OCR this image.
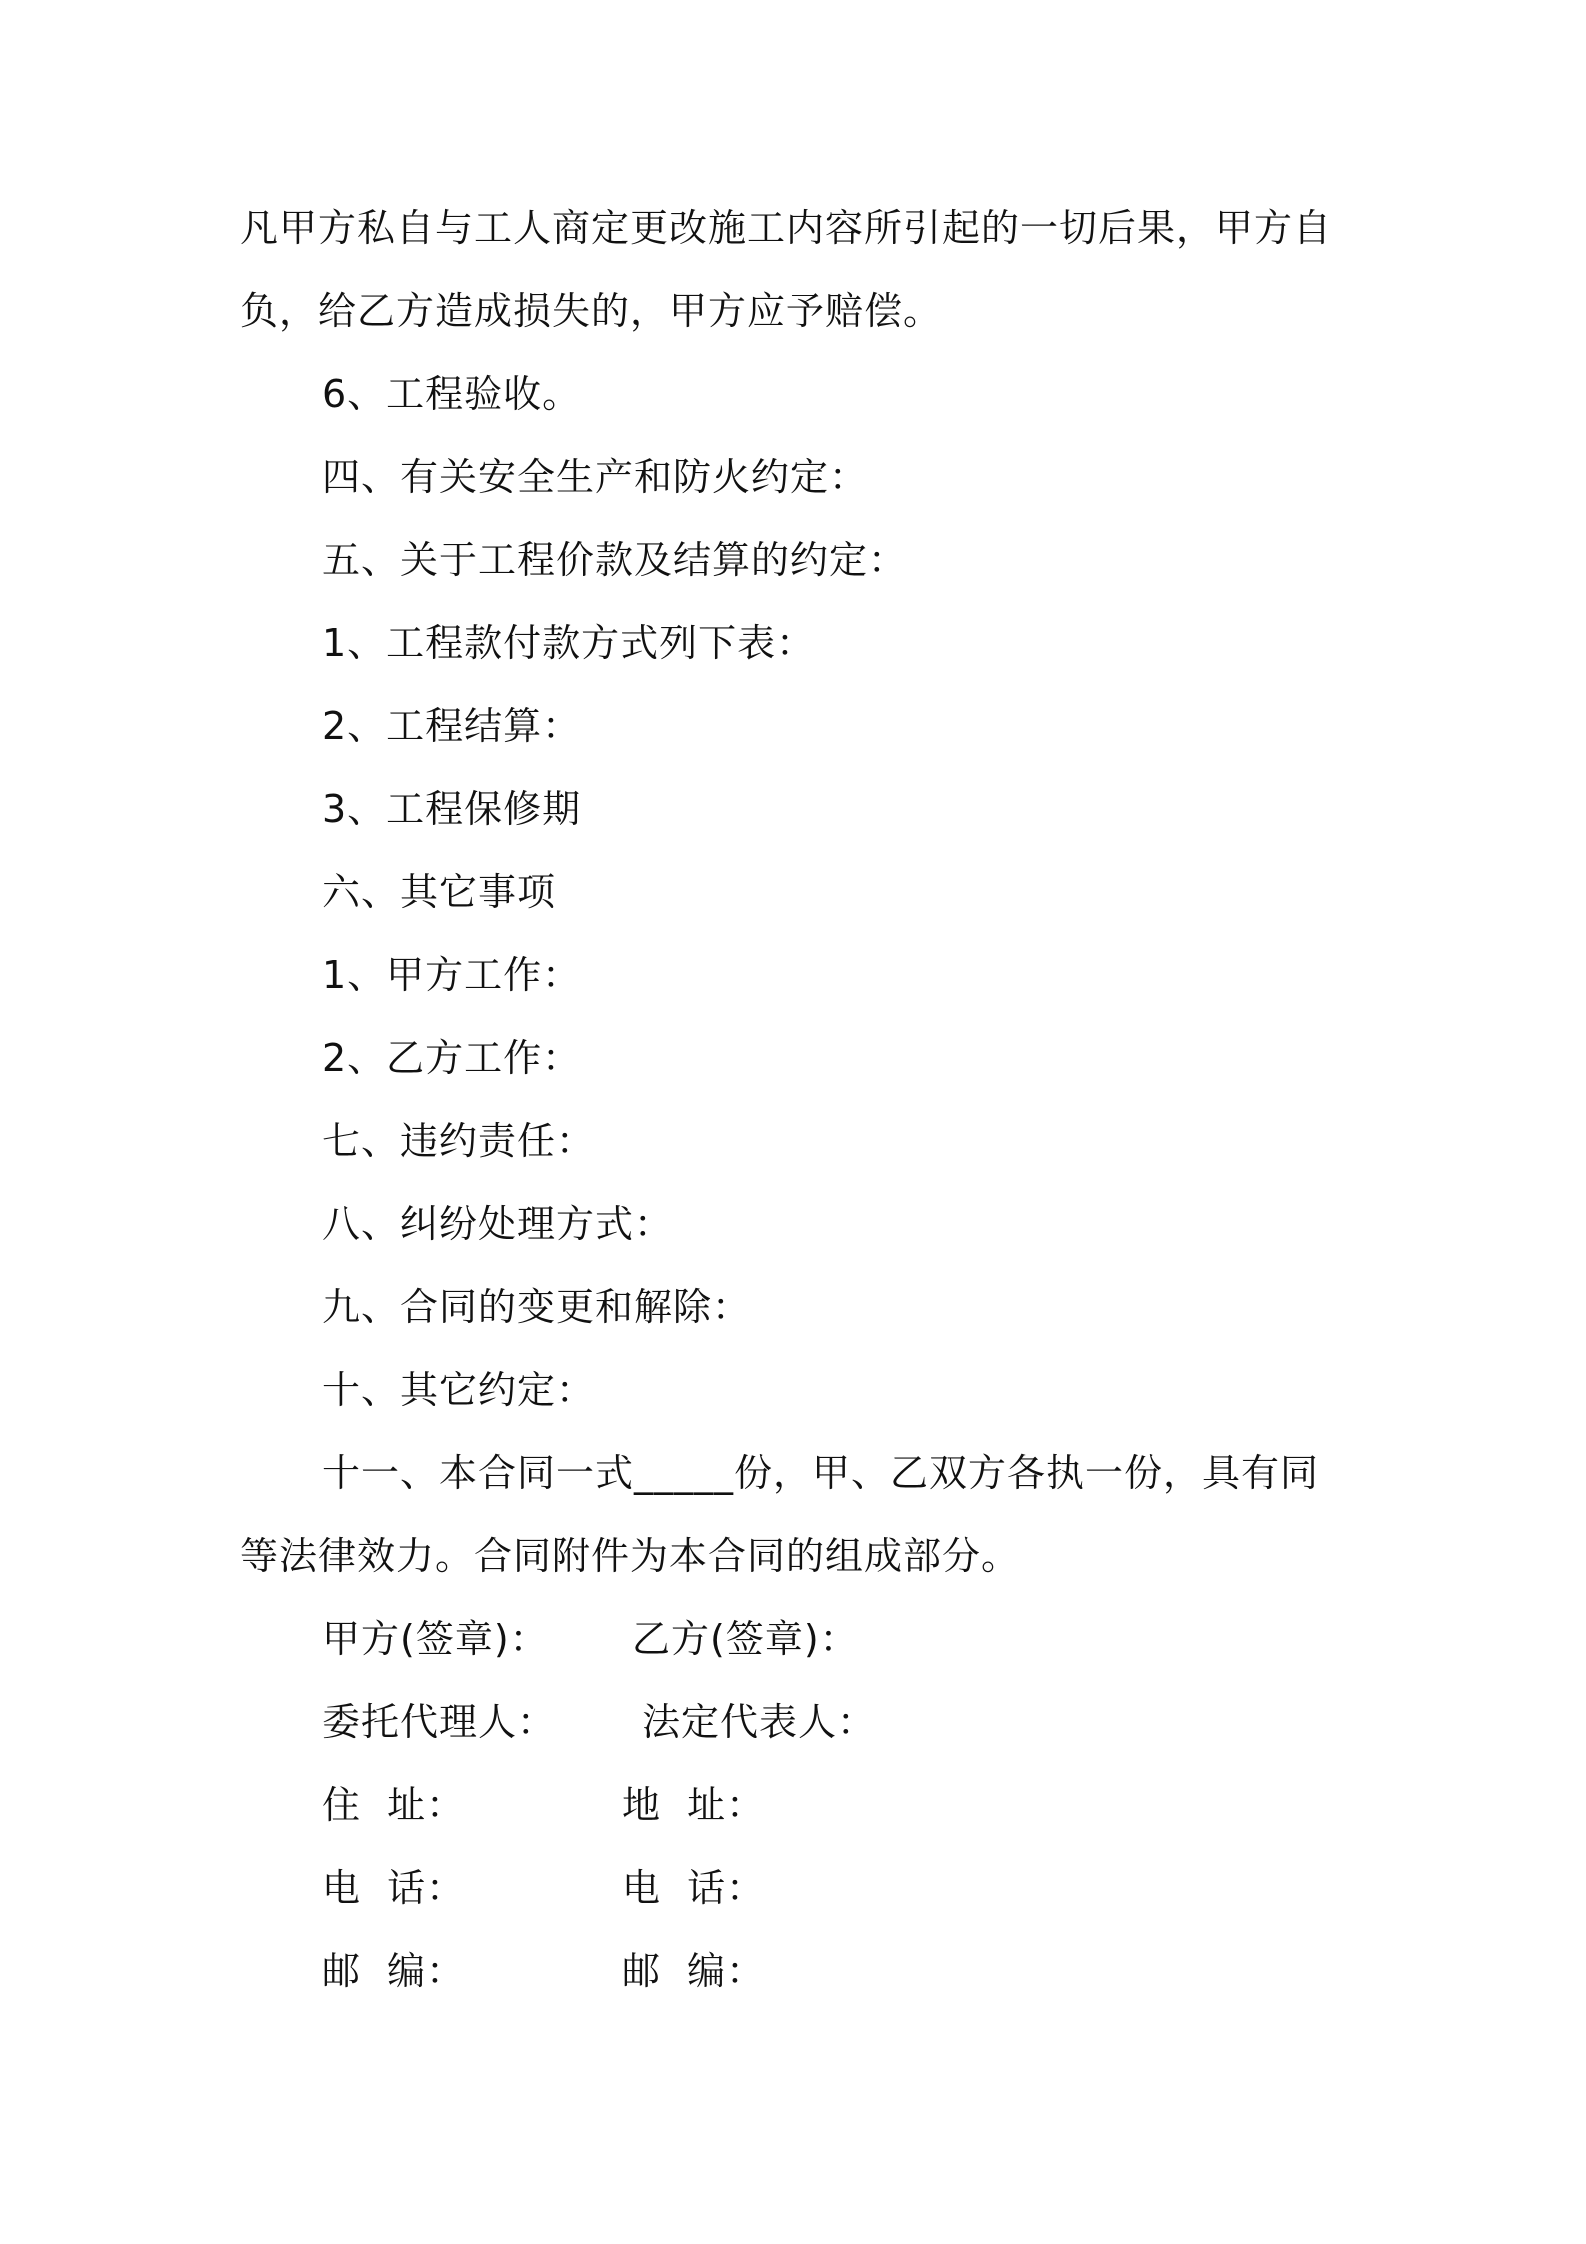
凡甲方私自与工人商定更改施工内容所引起的一切后果，甲方自
负，给乙方造成损失的，甲方应予赔偿。
6、工程验收。
四、有关安全生产和防火约定：
五、关于工程价款及结算的约定：
1、工程款付款方式列下表：
2、工程结算：
3、工程保修期
六、其它事项
1、甲方工作：
2、乙方工作：
七、违约责任：
八、纠纷处理方式：
九、合同的变更和解除：
十、其它约定：
十一、本合同一式_____份，甲、乙双方各执一份，具有同
等法律效力。合同附件为本合同的组成部分。
甲方(签章)： 乙方(签章)：
委托代理人： 法定代表人：
住  址：	地  址：
电  话：	电  话：
邮  编：	邮  编：
